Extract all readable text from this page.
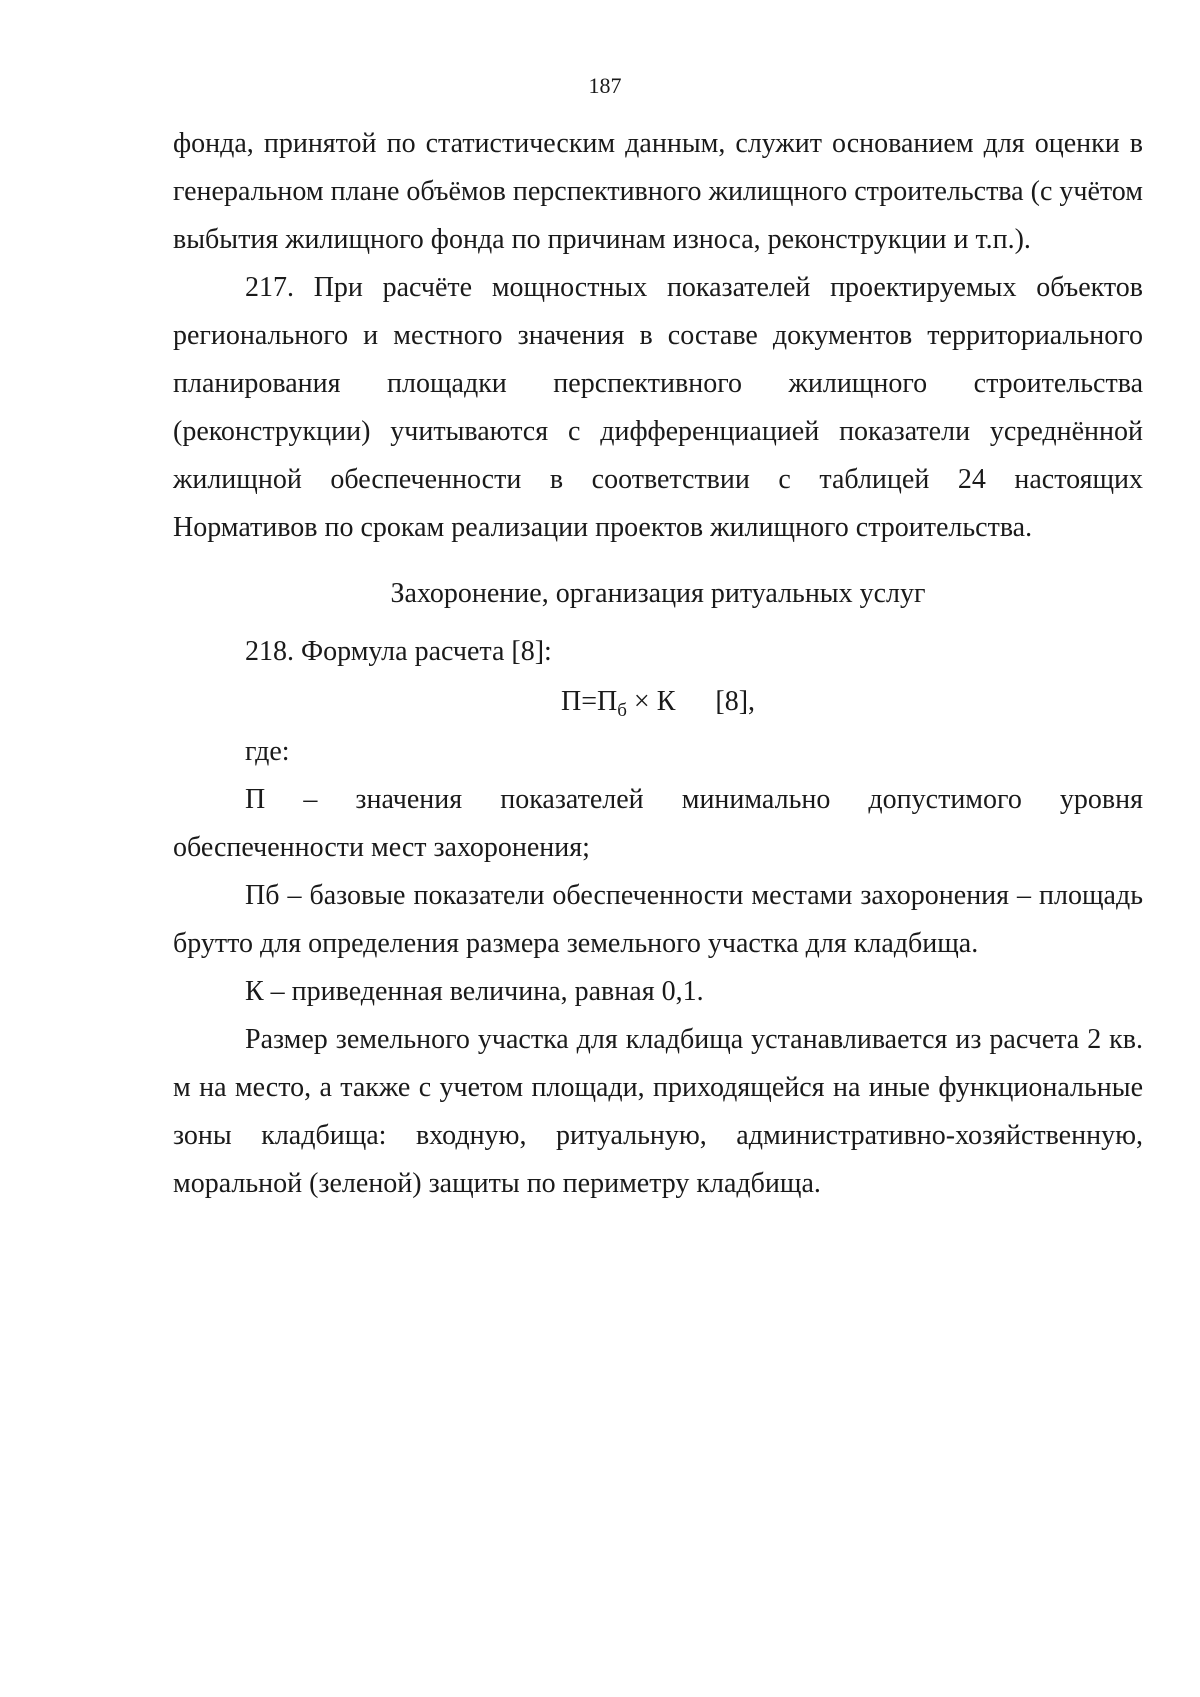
187

фонда, принятой по статистическим данным, служит основанием для оценки в генеральном плане объёмов перспективного жилищного строительства (с учётом выбытия жилищного фонда по причинам износа, реконструкции и т.п.).

217. При расчёте мощностных показателей проектируемых объектов регионального и местного значения в составе документов территориального планирования площадки перспективного жилищного строительства (реконструкции) учитываются с дифференциацией показатели усреднённой жилищной обеспеченности в соответствии с таблицей 24 настоящих Нормативов по срокам реализации проектов жилищного строительства.

Захоронение, организация ритуальных услуг

218. Формула расчета [8]:

$П=П_б \times К$ [8],

где:

П – значения показателей минимально допустимого уровня обеспеченности мест захоронения;

Пб – базовые показатели обеспеченности местами захоронения – площадь брутто для определения размера земельного участка для кладбища.

К – приведенная величина, равная 0,1.

Размер земельного участка для кладбища устанавливается из расчета 2 кв. м на место, а также с учетом площади, приходящейся на иные функциональные зоны кладбища: входную, ритуальную, административно-хозяйственную, моральной (зеленой) защиты по периметру кладбища.
